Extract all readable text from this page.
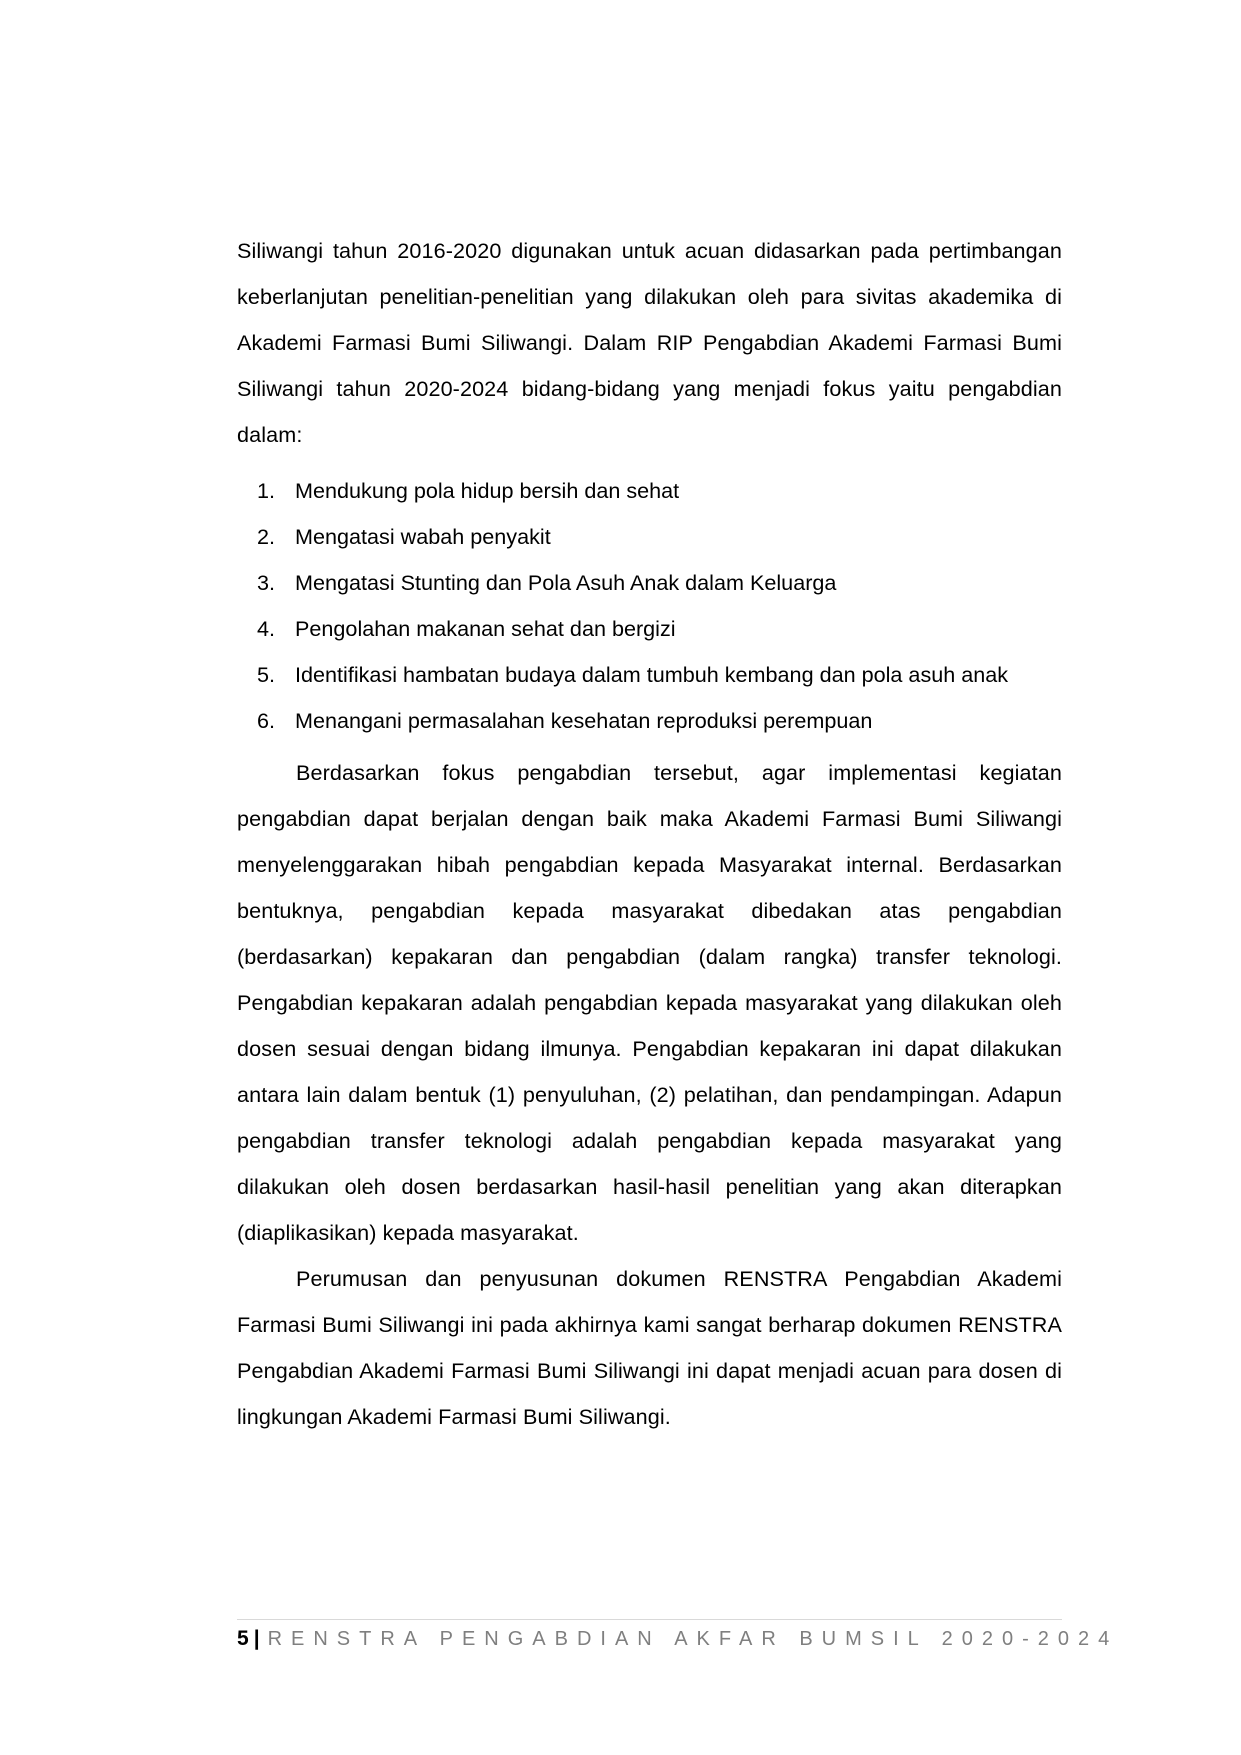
Siliwangi tahun 2016-2020 digunakan untuk acuan didasarkan pada pertimbangan keberlanjutan penelitian-penelitian yang dilakukan oleh para sivitas akademika di Akademi Farmasi Bumi Siliwangi. Dalam RIP Pengabdian Akademi Farmasi Bumi Siliwangi tahun 2020-2024 bidang-bidang yang menjadi fokus yaitu pengabdian dalam:

1. Mendukung pola hidup bersih dan sehat
2. Mengatasi wabah penyakit
3. Mengatasi Stunting dan Pola Asuh Anak dalam Keluarga
4. Pengolahan makanan sehat dan bergizi
5. Identifikasi hambatan budaya dalam tumbuh kembang dan pola asuh anak
6. Menangani permasalahan kesehatan reproduksi perempuan

Berdasarkan fokus pengabdian tersebut, agar implementasi kegiatan pengabdian dapat berjalan dengan baik maka Akademi Farmasi Bumi Siliwangi menyelenggarakan hibah pengabdian kepada Masyarakat internal. Berdasarkan bentuknya, pengabdian kepada masyarakat dibedakan atas pengabdian (berdasarkan) kepakaran dan pengabdian (dalam rangka) transfer teknologi. Pengabdian kepakaran adalah pengabdian kepada masyarakat yang dilakukan oleh dosen sesuai dengan bidang ilmunya. Pengabdian kepakaran ini dapat dilakukan antara lain dalam bentuk (1) penyuluhan, (2) pelatihan, dan pendampingan. Adapun pengabdian transfer teknologi adalah pengabdian kepada masyarakat yang dilakukan oleh dosen berdasarkan hasil-hasil penelitian yang akan diterapkan (diaplikasikan) kepada masyarakat.

Perumusan dan penyusunan dokumen RENSTRA Pengabdian Akademi Farmasi Bumi Siliwangi ini pada akhirnya kami sangat berharap dokumen RENSTRA Pengabdian Akademi Farmasi Bumi Siliwangi ini dapat menjadi acuan para dosen di lingkungan Akademi Farmasi Bumi Siliwangi.

5 | RENSTRA PENGABDIAN AKFAR BUMSIL 2020-2024
